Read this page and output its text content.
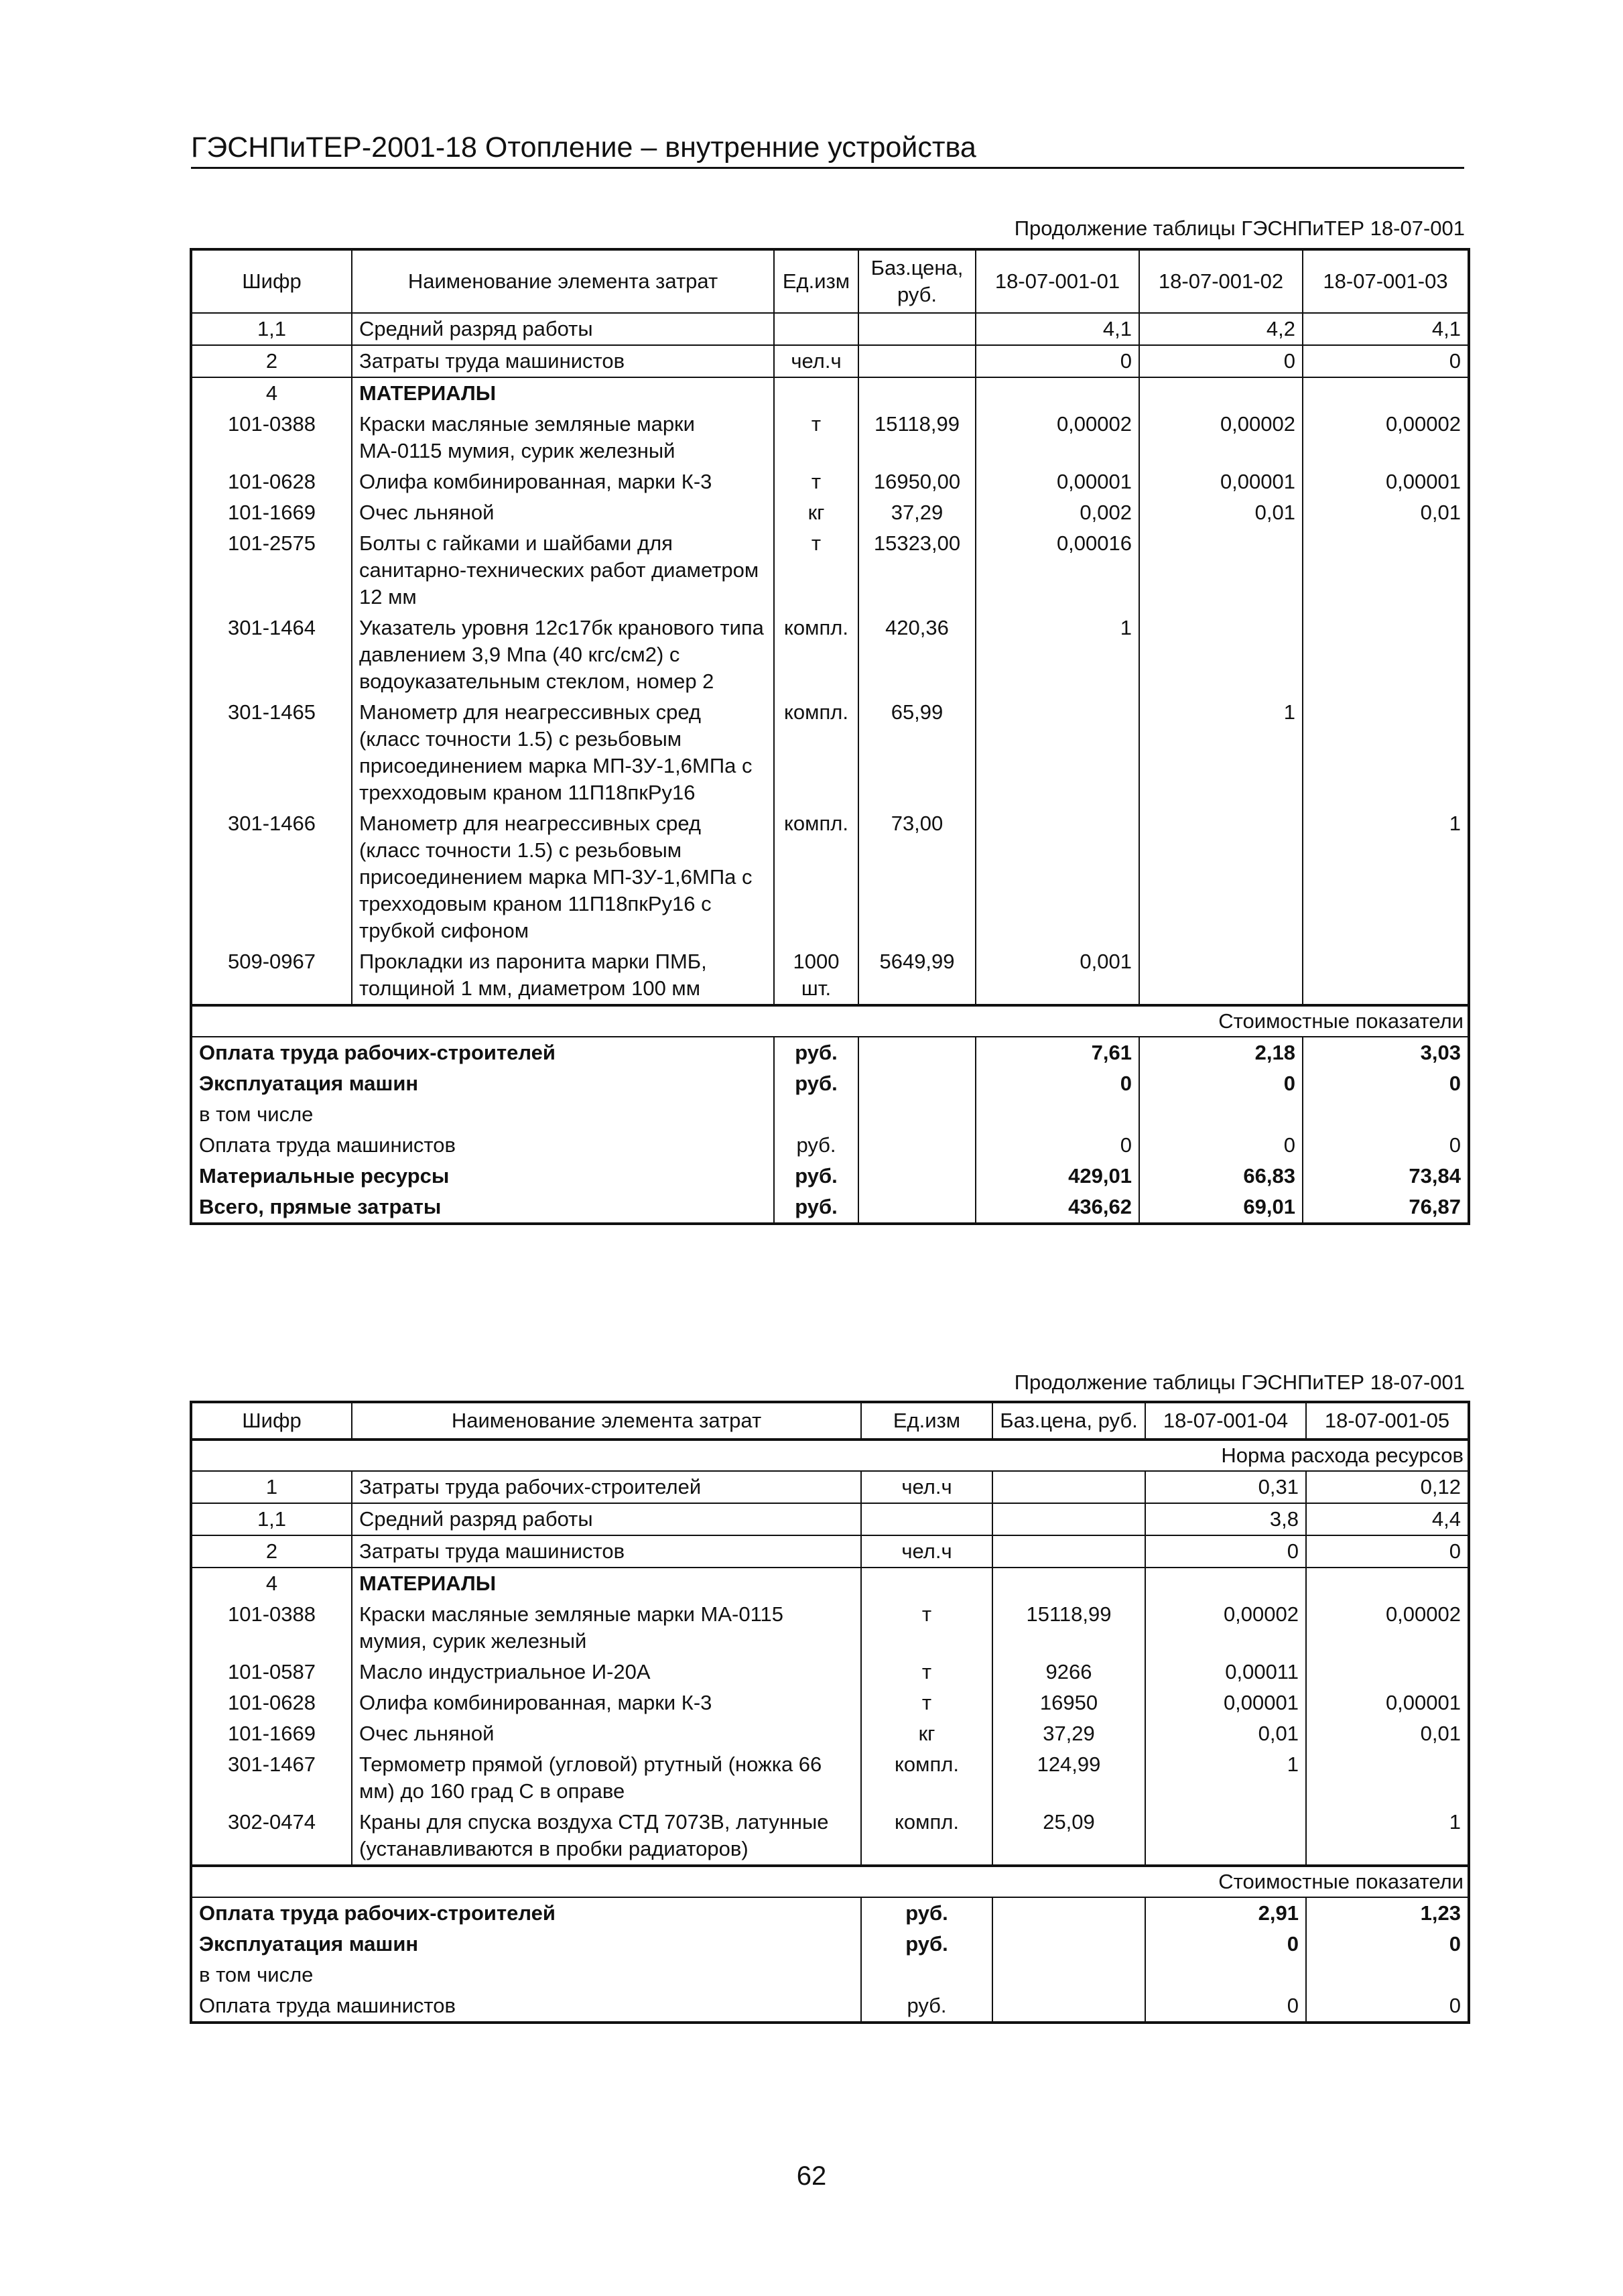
ГЭСНПиТЕР-2001-18 Отопление – внутренние устройства
Продолжение таблицы ГЭСНПиТЕР 18-07-001
Шифр	Наименование элемента затрат	Ед.изм	Баз.цена, руб.	18-07-001-01	18-07-001-02	18-07-001-03
1,1	Средний разряд работы			4,1	4,2	4,1
2	Затраты труда машинистов	чел.ч		0	0	0
4	МАТЕРИАЛЫ					
101-0388	Краски масляные земляные марки МА-0115 мумия, сурик железный	т	15118,99	0,00002	0,00002	0,00002
101-0628	Олифа комбинированная, марки К-3	т	16950,00	0,00001	0,00001	0,00001
101-1669	Очес льняной	кг	37,29	0,002	0,01	0,01
101-2575	Болты с гайками и шайбами для санитарно-технических работ диаметром 12 мм	т	15323,00	0,00016		
301-1464	Указатель уровня 12с17бк кранового типа давлением 3,9 Мпа (40 кгс/см2) с водоуказательным стеклом, номер 2	компл.	420,36	1		
301-1465	Манометр для неагрессивных сред (класс точности 1.5) с резьбовым присоединением марка МП-3У-1,6МПа с трехходовым краном 11П18пкРу16	компл.	65,99		1	
301-1466	Манометр для неагрессивных сред (класс точности 1.5) с резьбовым присоединением марка МП-3У-1,6МПа с трехходовым краном 11П18пкРу16 с трубкой сифоном	компл.	73,00			1
509-0967	Прокладки из паронита марки ПМБ, толщиной 1 мм, диаметром 100 мм	1000 шт.	5649,99	0,001		
Стоимостные показатели						
Оплата труда рабочих-строителей		руб.		7,61	2,18	3,03
Эксплуатация машин		руб.		0	0	0
в том числе						
Оплата труда машинистов		руб.		0	0	0
Материальные ресурсы		руб.		429,01	66,83	73,84
Всего, прямые затраты		руб.		436,62	69,01	76,87
Продолжение таблицы ГЭСНПиТЕР 18-07-001
Шифр	Наименование элемента затрат	Ед.изм	Баз.цена, руб.	18-07-001-04	18-07-001-05
Норма расхода ресурсов					
1	Затраты труда рабочих-строителей	чел.ч		0,31	0,12
1,1	Средний разряд работы			3,8	4,4
2	Затраты труда машинистов	чел.ч		0	0
4	МАТЕРИАЛЫ				
101-0388	Краски масляные земляные марки МА-0115 мумия, сурик железный	т	15118,99	0,00002	0,00002
101-0587	Масло индустриальное И-20А	т	9266	0,00011	
101-0628	Олифа комбинированная, марки К-3	т	16950	0,00001	0,00001
101-1669	Очес льняной	кг	37,29	0,01	0,01
301-1467	Термометр прямой (угловой) ртутный (ножка 66 мм) до 160 град С в оправе	компл.	124,99	1	
302-0474	Краны для спуска воздуха СТД 7073В, латунные (устанавливаются в пробки радиаторов)	компл.	25,09		1
Стоимостные показатели					
Оплата труда рабочих-строителей		руб.		2,91	1,23
Эксплуатация машин		руб.		0	0
в том числе					
Оплата труда машинистов		руб.		0	0
62
